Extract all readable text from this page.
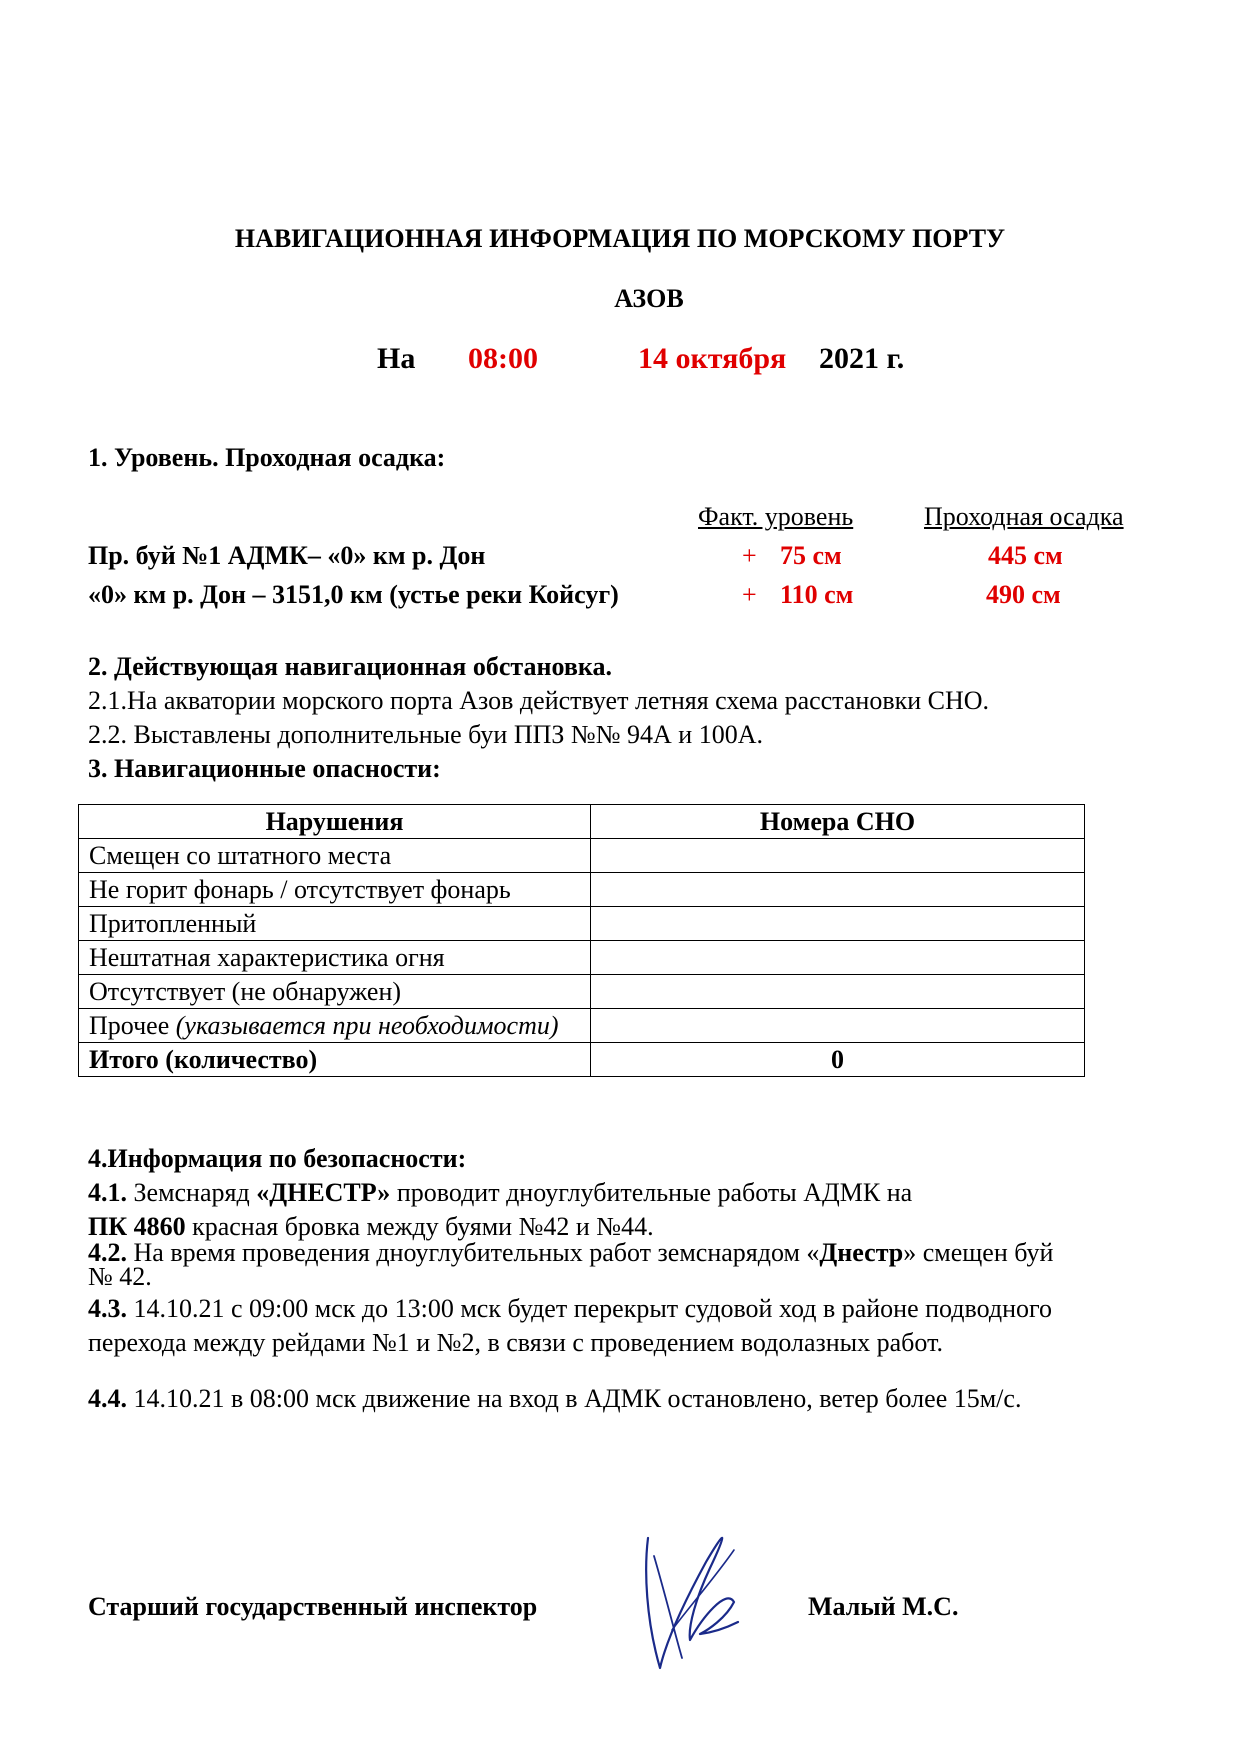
НАВИГАЦИОННАЯ ИНФОРМАЦИЯ ПО МОРСКОМУ ПОРТУ
АЗОВ
На 08:00	14 октября 2021 г.
1. Уровень. Проходная осадка:
Факт. уровень	Проходная осадка
Пр. буй №1 АДМК– «0» км р. Дон	+ 75 см	445 см
«0» км р. Дон – 3151,0 км (устье реки Койсуг)	+ 110 см	490 см
2. Действующая навигационная обстановка.
2.1.На акватории морского порта Азов действует летняя схема расстановки СНО.
2.2. Выставлены дополнительные буи ППЗ №№ 94А и 100А.
3. Навигационные опасности:
Нарушения	Номера СНО
Смещен со штатного места	
Не горит фонарь / отсутствует фонарь	
Притопленный	
Нештатная характеристика огня	
Отсутствует (не обнаружен)	
Прочее (указывается при необходимости)	
Итого (количество)	0
4.Информация по безопасности:
4.1. Земснаряд «ДНЕСТР» проводит дноуглубительные работы АДМК на
ПК 4860 красная бровка между буями №42 и №44.
4.2. На время проведения дноуглубительных работ земснарядом «Днестр» смещен буй
№ 42.
4.3. 14.10.21 с 09:00 мск до 13:00 мск будет перекрыт судовой ход в районе подводного
перехода между рейдами №1 и №2, в связи с проведением водолазных работ.
4.4. 14.10.21 в 08:00 мск движение на вход в АДМК остановлено, ветер более 15м/с.
Старший государственный инспектор	Малый М.С.
